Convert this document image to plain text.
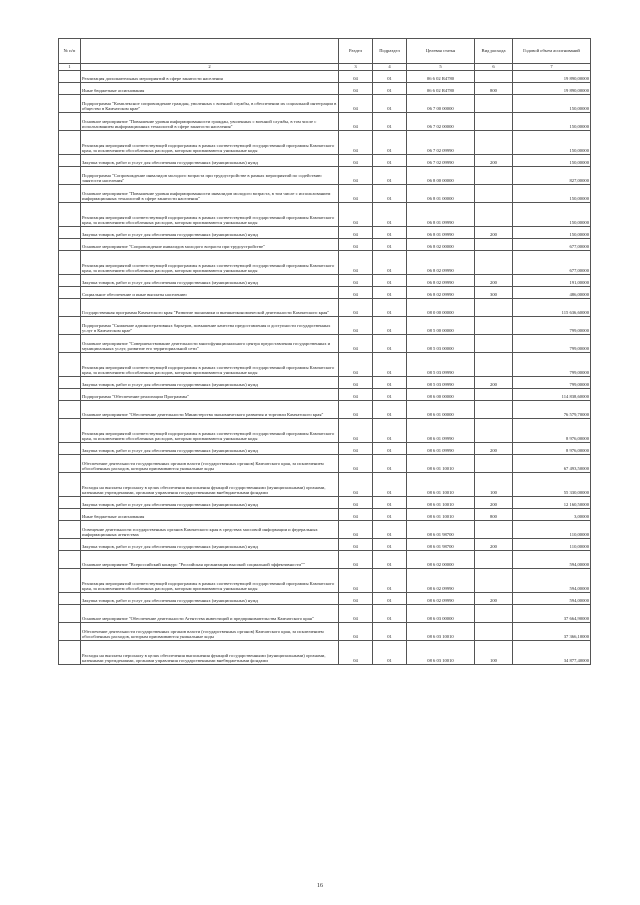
№ п/п		Раздел	Подраздел	Целевая статья	Вид расхода	Годовой объем ассигнований
1	2	3	4	5	6	7
	Реализация дополнительных мероприятий в сфере занятости населения	04	01	06 6 02 R4780		19 890,00000
	Иные бюджетные ассигнования	04	01	06 6 02 R4780	800	19 890,00000
	Подпрограмма "Комплексное сопровождение граждан, уволенных с военной службы, в обеспечении их социальной интеграции в общество в Камчатском крае"	04	01	06 7 00 00000		150,00000
	Основное мероприятие "Повышение уровня информированности граждан, уволенных с военной службы, в том числе с использованием информационных технологий в сфере занятости населения"	04	01	06 7 02 00000		150,00000
	Реализация мероприятий соответствующей подпрограммы в рамках соответствующей государственной программы Камчатского края, за исключением обособленных расходов, которым присваиваются уникальные коды	04	01	06 7 02 09990		150,00000
	Закупка товаров, работ и услуг для обеспечения государственных (муниципальных) нужд	04	01	06 7 02 09990	200	150,00000
	Подпрограмма "Сопровождение инвалидов молодого возраста при трудоустройстве в рамках мероприятий по содействию занятости населения"	04	01	06 8 00 00000		827,00000
	Основное мероприятие "Повышение уровня информированности инвалидов молодого возраста, в том числе с использованием информационных технологий в сфере занятости населения"	04	01	06 8 01 00000		150,00000
	Реализация мероприятий соответствующей подпрограммы в рамках соответствующей государственной программы Камчатского края, за исключением обособленных расходов, которым присваиваются уникальные коды	04	01	06 8 01 09990		150,00000
	Закупка товаров, работ и услуг для обеспечения государственных (муниципальных) нужд	04	01	06 8 01 09990	200	150,00000
	Основное мероприятие "Сопровождение инвалидов молодого возраста при трудоустройстве"	04	01	06 8 02 00000		677,00000
	Реализация мероприятий соответствующей подпрограммы в рамках соответствующей государственной программы Камчатского края, за исключением обособленных расходов, которым присваиваются уникальные коды	04	01	06 8 02 09990		677,00000
	Закупка товаров, работ и услуг для обеспечения государственных (муниципальных) нужд	04	01	06 8 02 09990	200	191,00000
	Социальное обеспечение и иные выплаты населению	04	01	06 8 02 09990	300	486,00000
	Государственная программа Камчатского края "Развитие экономики и внешнеэкономической деятельности Камчатского края"	04	01	08 0 00 00000		115 636,60000
	Подпрограмма "Снижение административных барьеров, повышение качества предоставления и доступности государственных услуг в Камчатском крае"	04	01	08 5 00 00000		799,00000
	Основное мероприятие "Совершенствование деятельности многофункционального центра предоставления государственных и муниципальных услуг, развитие его территориальной сети"	04	01	08 5 03 00000		799,00000
	Реализация мероприятий соответствующей подпрограммы в рамках соответствующей государственной программы Камчатского края, за исключением обособленных расходов, которым присваиваются уникальные коды	04	01	08 5 03 09990		799,00000
	Закупка товаров, работ и услуг для обеспечения государственных (муниципальных) нужд	04	01	08 5 03 09990	200	799,00000
	Подпрограмма "Обеспечение реализации Программы"	04	01	08 6 00 00000		114 838,60000
	Основное мероприятие "Обеспечение деятельности Министерства экономического развития и торговли Камчатского края"	04	01	08 6 01 00000		76 579,70000
	Реализация мероприятий соответствующей подпрограммы в рамках соответствующей государственной программы Камчатского края, за исключением обособленных расходов, которым присваиваются уникальные коды	04	01	08 6 01 09990		8 976,00000
	Закупка товаров, работ и услуг для обеспечения государственных (муниципальных) нужд	04	01	08 6 01 09990	200	8 976,00000
	Обеспечение деятельности государственных органов власти (государственных органов) Камчатского края, за исключением обособленных расходов, которым присваиваются уникальные коды	04	01	08 6 01 10010		67 493,50000
	Расходы на выплаты персоналу в целях обеспечения выполнения функций государственными (муниципальными) органами, казенными учреждениями, органами управления государственными внебюджетными фондами	04	01	08 6 01 10010	100	55 330,00000
	Закупка товаров, работ и услуг для обеспечения государственных (муниципальных) нужд	04	01	08 6 01 10010	200	12 160,50000
	Иные бюджетные ассигнования	04	01	08 6 01 10010	800	3,00000
	Освещение деятельности государственных органов Камчатского края в средствах массовой информации и федеральных информационных агентствах	04	01	08 6 01 98700		110,00000
	Закупка товаров, работ и услуг для обеспечения государственных (муниципальных) нужд	04	01	08 6 01 98700	200	110,00000
	Основное мероприятие "Всероссийский конкурс "Российская организация высокой социальной эффективности""	04	01	08 6 02 00000		594,00000
	Реализация мероприятий соответствующей подпрограммы в рамках соответствующей государственной программы Камчатского края, за исключением обособленных расходов, которым присваиваются уникальные коды	04	01	08 6 02 09990		594,00000
	Закупка товаров, работ и услуг для обеспечения государственных (муниципальных) нужд	04	01	08 6 02 09990	200	594,00000
	Основное мероприятие "Обеспечение деятельности Агентства инвестиций и предпринимательства Камчатского края"	04	01	08 6 03 00000		37 664,90000
	Обеспечение деятельности государственных органов власти (государственных органов) Камчатского края, за исключением обособленных расходов, которым присваиваются уникальные коды	04	01	08 6 03 10010		37 366,10000
	Расходы на выплаты персоналу в целях обеспечения выполнения функций государственными (муниципальными) органами, казенными учреждениями, органами управления государственными внебюджетными фондами	04	01	08 6 03 10010	100	34 877,40000
16
